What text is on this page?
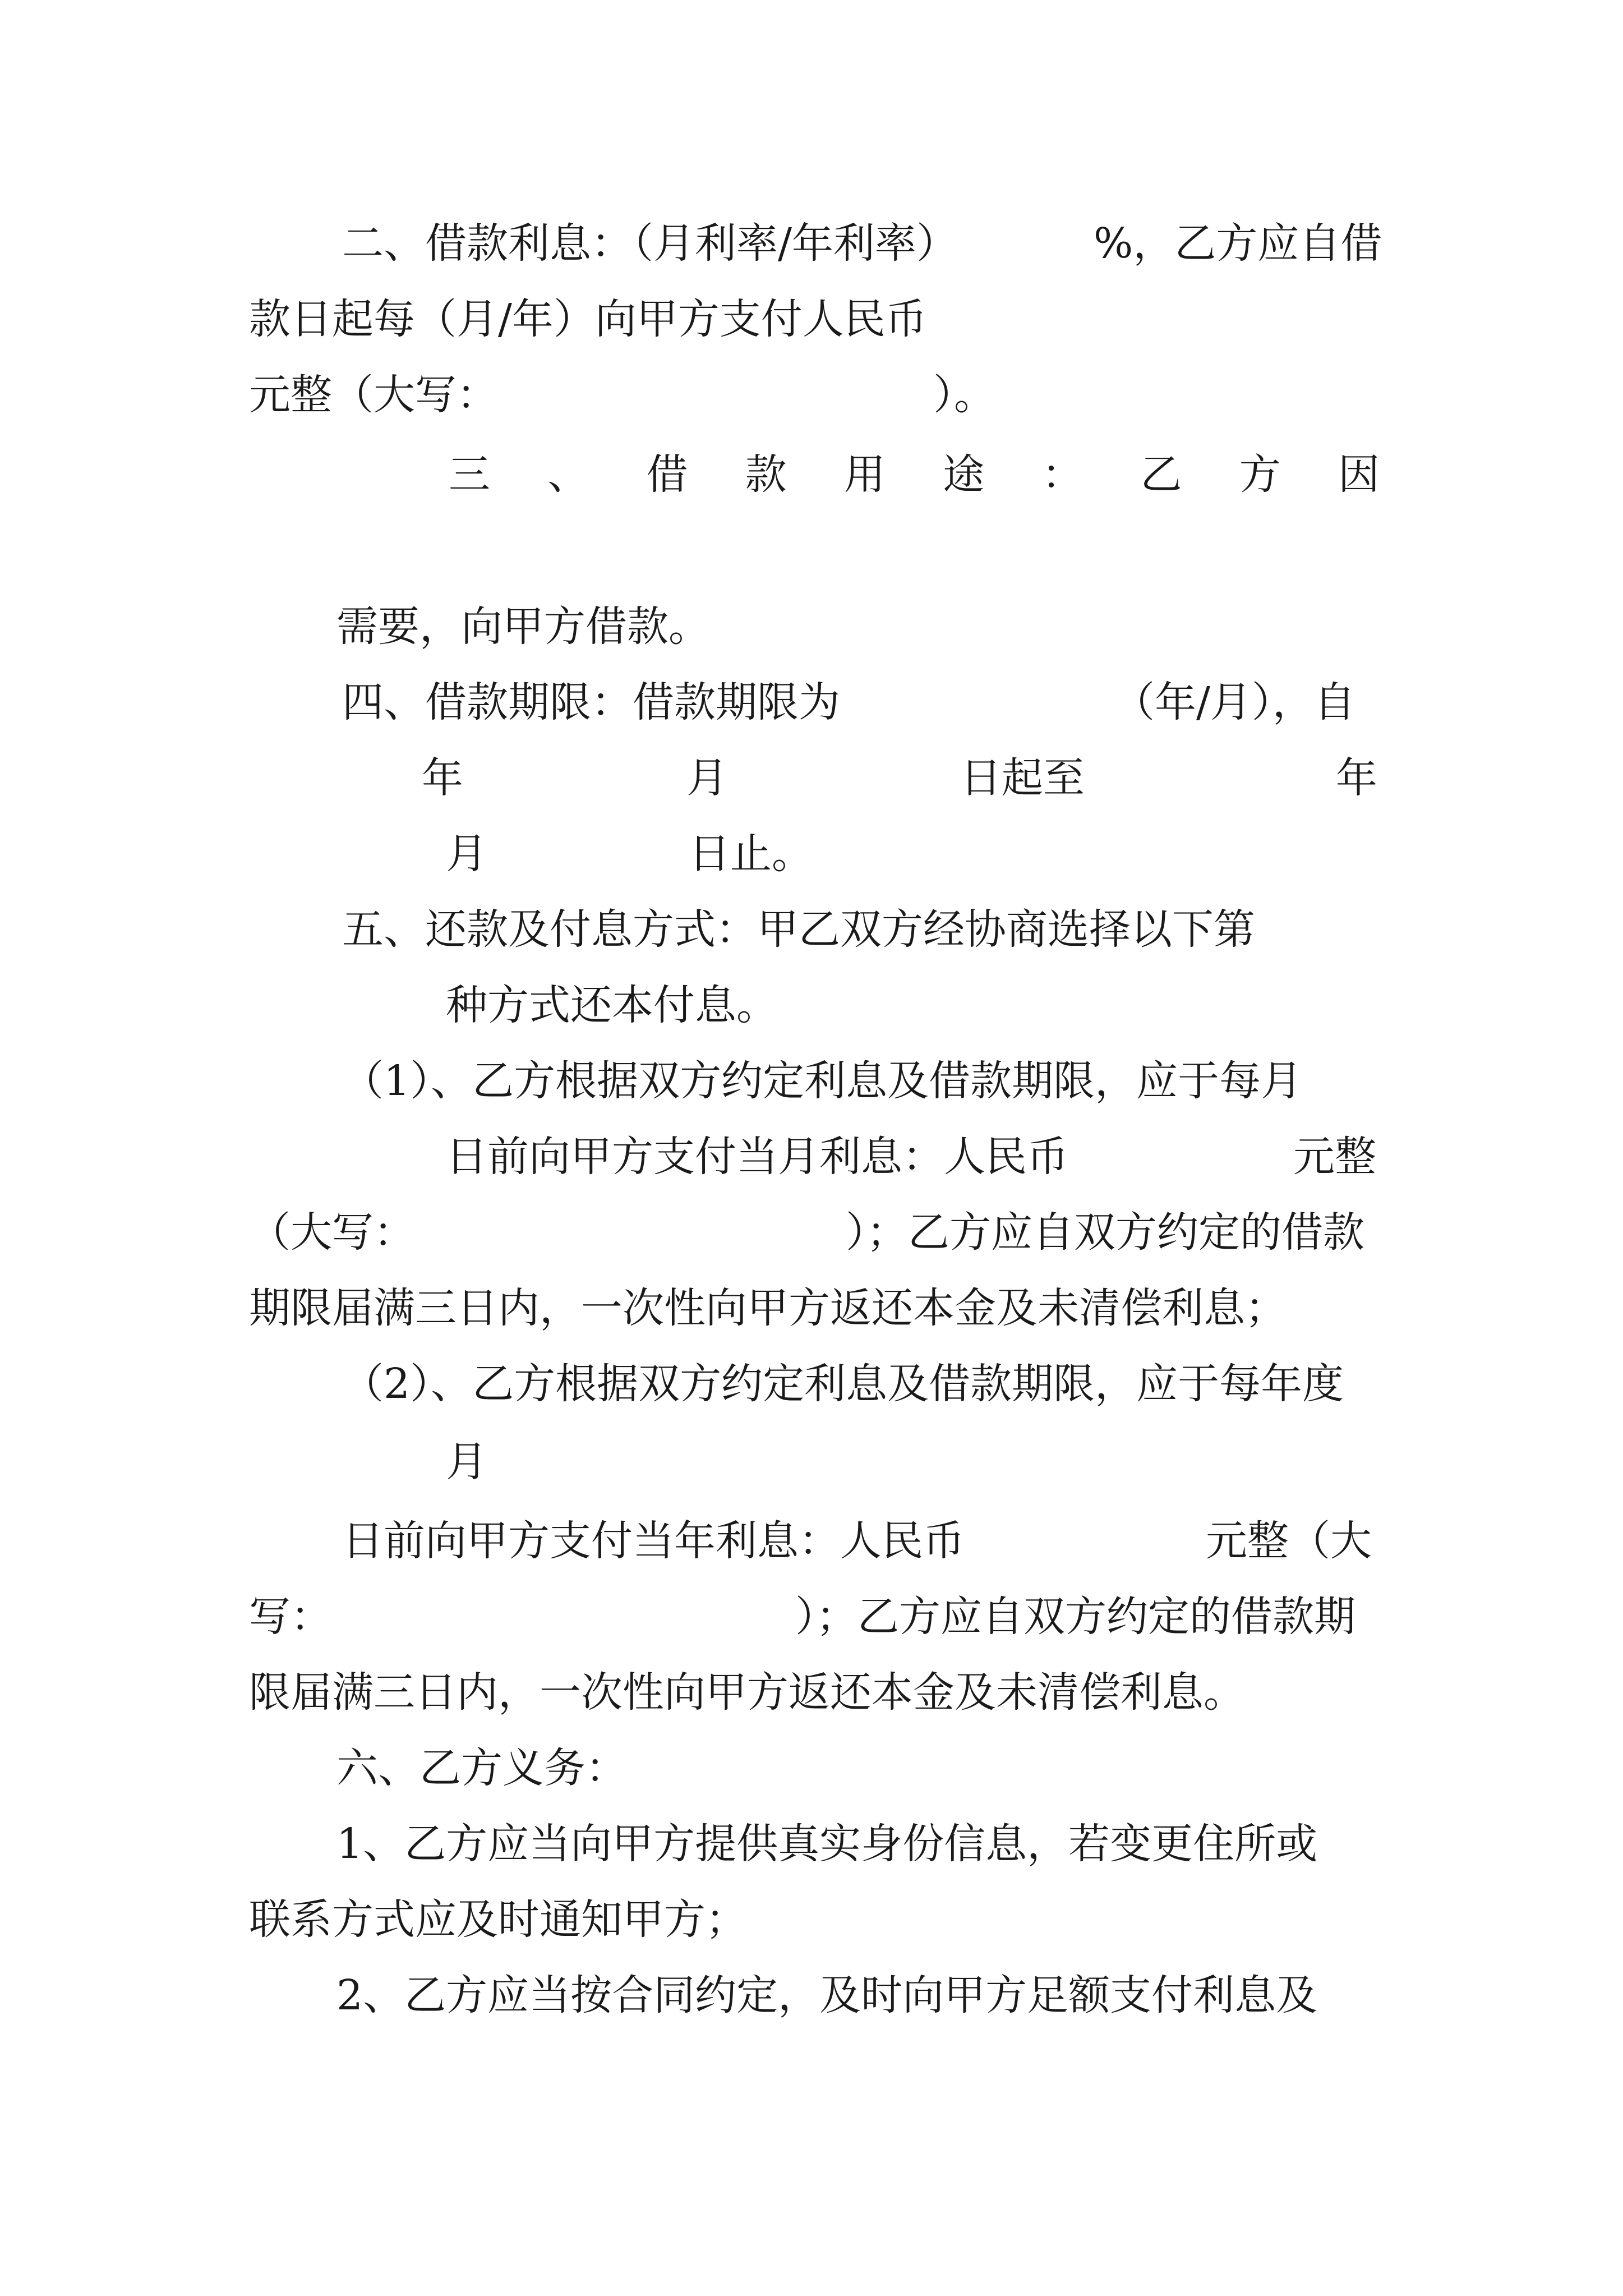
二、借款利息：（月利率/年利率）	%，乙方应自借
款日起每（月/年）向甲方支付人民币
元整（大写：	）。
三 、 借 款 用 途 ： 乙 方 因
需要，向甲方借款。
四、借款期限：借款期限为	（年/月），自
年	月	日起至	年
月	日止。
五、还款及付息方式：甲乙双方经协商选择以下第
种方式还本付息。
（1）、乙方根据双方约定利息及借款期限，应于每月
日前向甲方支付当月利息：人民币	元整
（大写：	）；乙方应自双方约定的借款
期限届满三日内，一次性向甲方返还本金及未清偿利息；
（2）、乙方根据双方约定利息及借款期限，应于每年度
月
日前向甲方支付当年利息：人民币	元整（大
写：	）；乙方应自双方约定的借款期
限届满三日内，一次性向甲方返还本金及未清偿利息。
六、乙方义务：
1、乙方应当向甲方提供真实身份信息，若变更住所或
联系方式应及时通知甲方；
2、乙方应当按合同约定，及时向甲方足额支付利息及
